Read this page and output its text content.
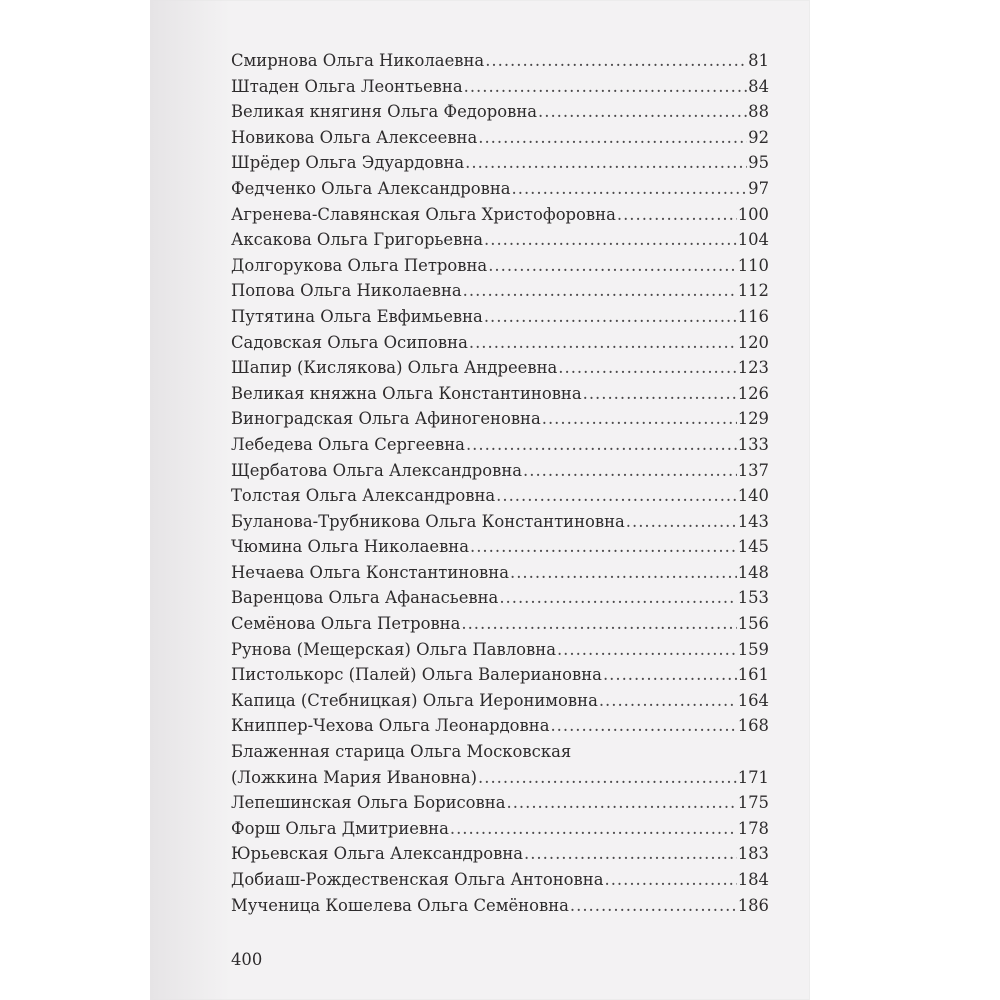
Смирнова Ольга Николаевна .....	81
Штаден Ольга Леонтьевна .....	84
Великая княгиня Ольга Федоровна .....	88
Новикова Ольга Алексеевна .....	92
Шрёдер Ольга Эдуардовна .....	95
Федченко Ольга Александровна .....	97
Агренева-Славянская Ольга Христофоровна .....	100
Аксакова Ольга Григорьевна .....	104
Долгорукова Ольга Петровна .....	110
Попова Ольга Николаевна .....	112
Путятина Ольга Евфимьевна .....	116
Садовская Ольга Осиповна .....	120
Шапир (Кислякова) Ольга Андреевна .....	123
Великая княжна Ольга Константиновна .....	126
Виноградская Ольга Афиногеновна .....	129
Лебедева Ольга Сергеевна .....	133
Щербатова Ольга Александровна .....	137
Толстая Ольга Александровна .....	140
Буланова-Трубникова Ольга Константиновна .....	143
Чюмина Ольга Николаевна .....	145
Нечаева Ольга Константиновна .....	148
Варенцова Ольга Афанасьевна .....	153
Семёнова Ольга Петровна .....	156
Рунова (Мещерская) Ольга Павловна .....	159
Пистолькорс (Палей) Ольга Валериановна .....	161
Капица (Стебницкая) Ольга Иеронимовна .....	164
Книппер-Чехова Ольга Леонардовна .....	168
Блаженная старица Ольга Московская
(Ложкина Мария Ивановна) .....	171
Лепешинская Ольга Борисовна .....	175
Форш Ольга Дмитриевна .....	178
Юрьевская Ольга Александровна .....	183
Добиаш-Рождественская Ольга Антоновна .....	184
Мученица Кошелева Ольга Семёновна .....	186
400
